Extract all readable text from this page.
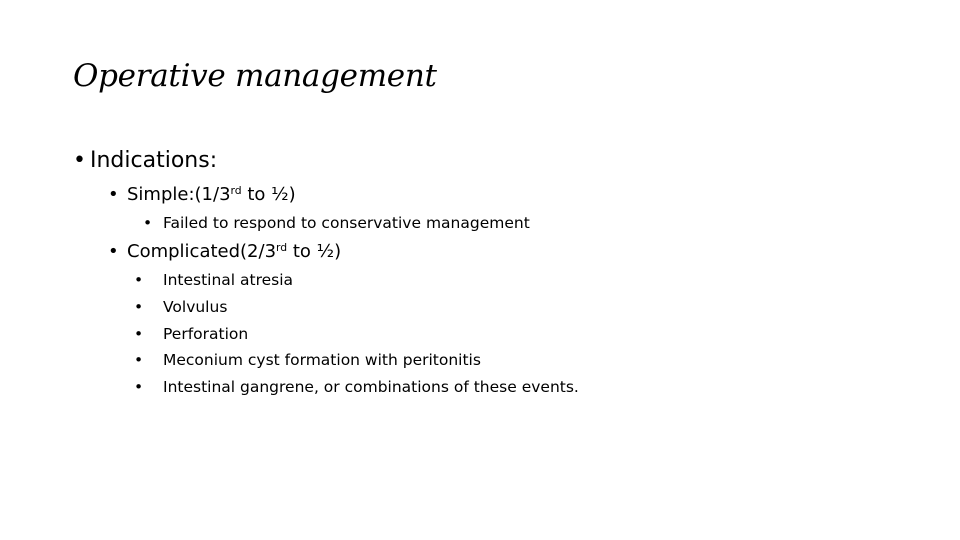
Operative management
• Indications:
• Simple:(1/3rd to ½)
• Failed to respond to conservative management
• Complicated(2/3rd to ½)
•	Intestinal atresia
•	Volvulus
•	Perforation
•	Meconium cyst formation with peritonitis
•	Intestinal gangrene, or combinations of these events.
